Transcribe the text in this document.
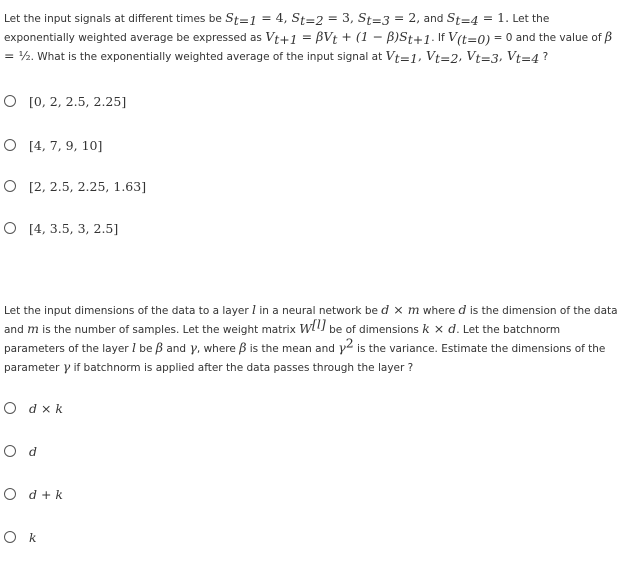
Let the input signals at different times be $S_{t=1} = 4$, $S_{t=2} = 3$, $S_{t=3} = 2$, and $S_{t=4} = 1$. Let the exponentially weighted average be expressed as $V_{t+1} = \beta V_t + (1 - \beta)S_{t+1}$. If $V_{(t=0)} = 0$ and the value of β = ½. What is the exponentially weighted average of the input signal at $V_{t=1}$, $V_{t=2}$, $V_{t=3}$, $V_{t=4}$ ?

[0, 2, 2.5, 2.25]
[4, 7, 9, 10]
[2, 2.5, 2.25, 1.63]
[4, 3.5, 3, 2.5]

Let the input dimensions of the data to a layer l in a neural network be d × m where d is the dimension of the data and m is the number of samples. Let the weight matrix W[l] be of dimensions k × d. Let the batchnorm parameters of the layer l be β and γ, where β is the mean and $\gamma^2$ is the variance. Estimate the dimensions of the parameter γ if batchnorm is applied after the data passes through the layer ?

d × k
d
d + k
k
